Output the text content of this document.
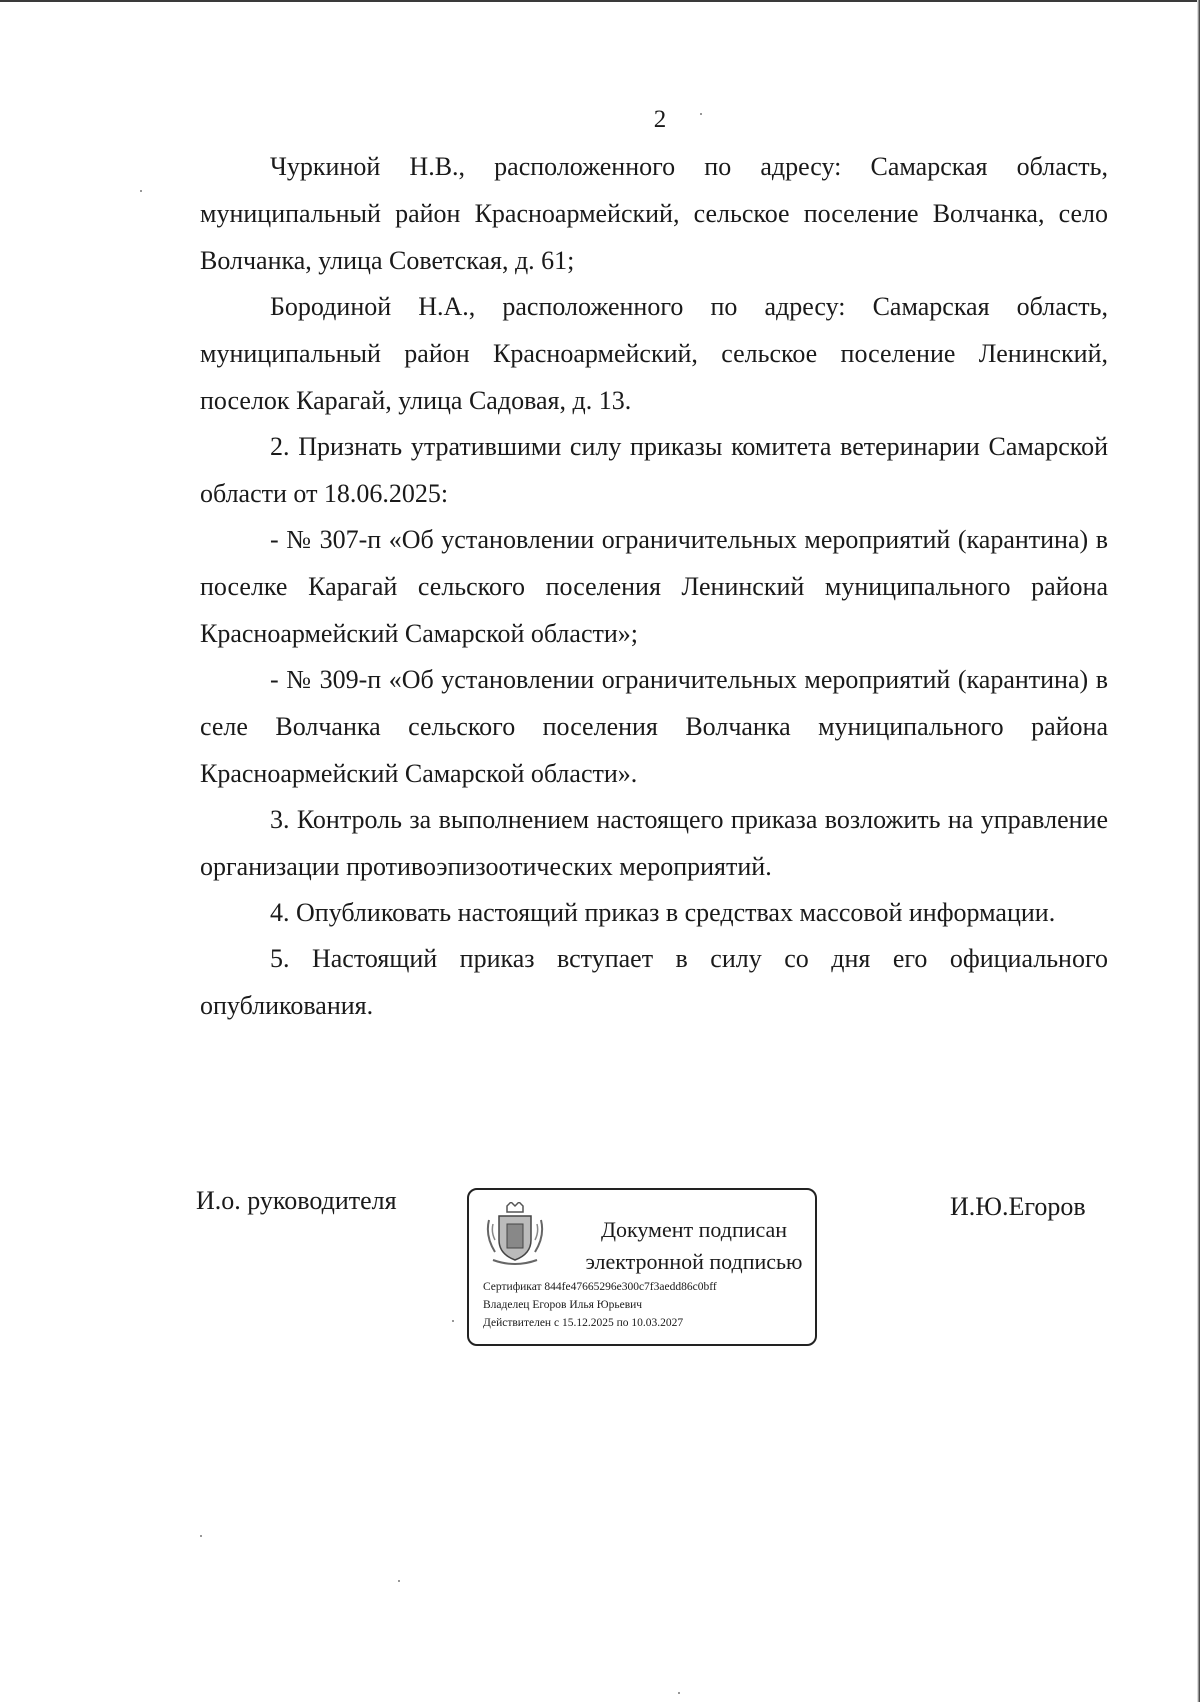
2

Чуркиной Н.В., расположенного по адресу: Самарская область, муниципальный район Красноармейский, сельское поселение Волчанка, село Волчанка, улица Советская, д. 61;

Бородиной Н.А., расположенного по адресу: Самарская область, муниципальный район Красноармейский, сельское поселение Ленинский, поселок Карагай, улица Садовая, д. 13.

2. Признать утратившими силу приказы комитета ветеринарии Самарской области от 18.06.2025:

- № 307-п «Об установлении ограничительных мероприятий (карантина) в поселке Карагай сельского поселения Ленинский муниципального района Красноармейский Самарской области»;

- № 309-п «Об установлении ограничительных мероприятий (карантина) в селе Волчанка сельского поселения Волчанка муниципального района Красноармейский Самарской области».

3. Контроль за выполнением настоящего приказа возложить на управление организации противоэпизоотических мероприятий.

4. Опубликовать настоящий приказ в средствах массовой информации.

5. Настоящий приказ вступает в силу со дня его официального опубликования.

И.о. руководителя
Документ подписан
электронной подписью
Сертификат 844fe47665296e300c7f3aedd86c0bff
Владелец Егоров Илья Юрьевич
Действителен с 15.12.2025 по 10.03.2027
И.Ю.Егоров
